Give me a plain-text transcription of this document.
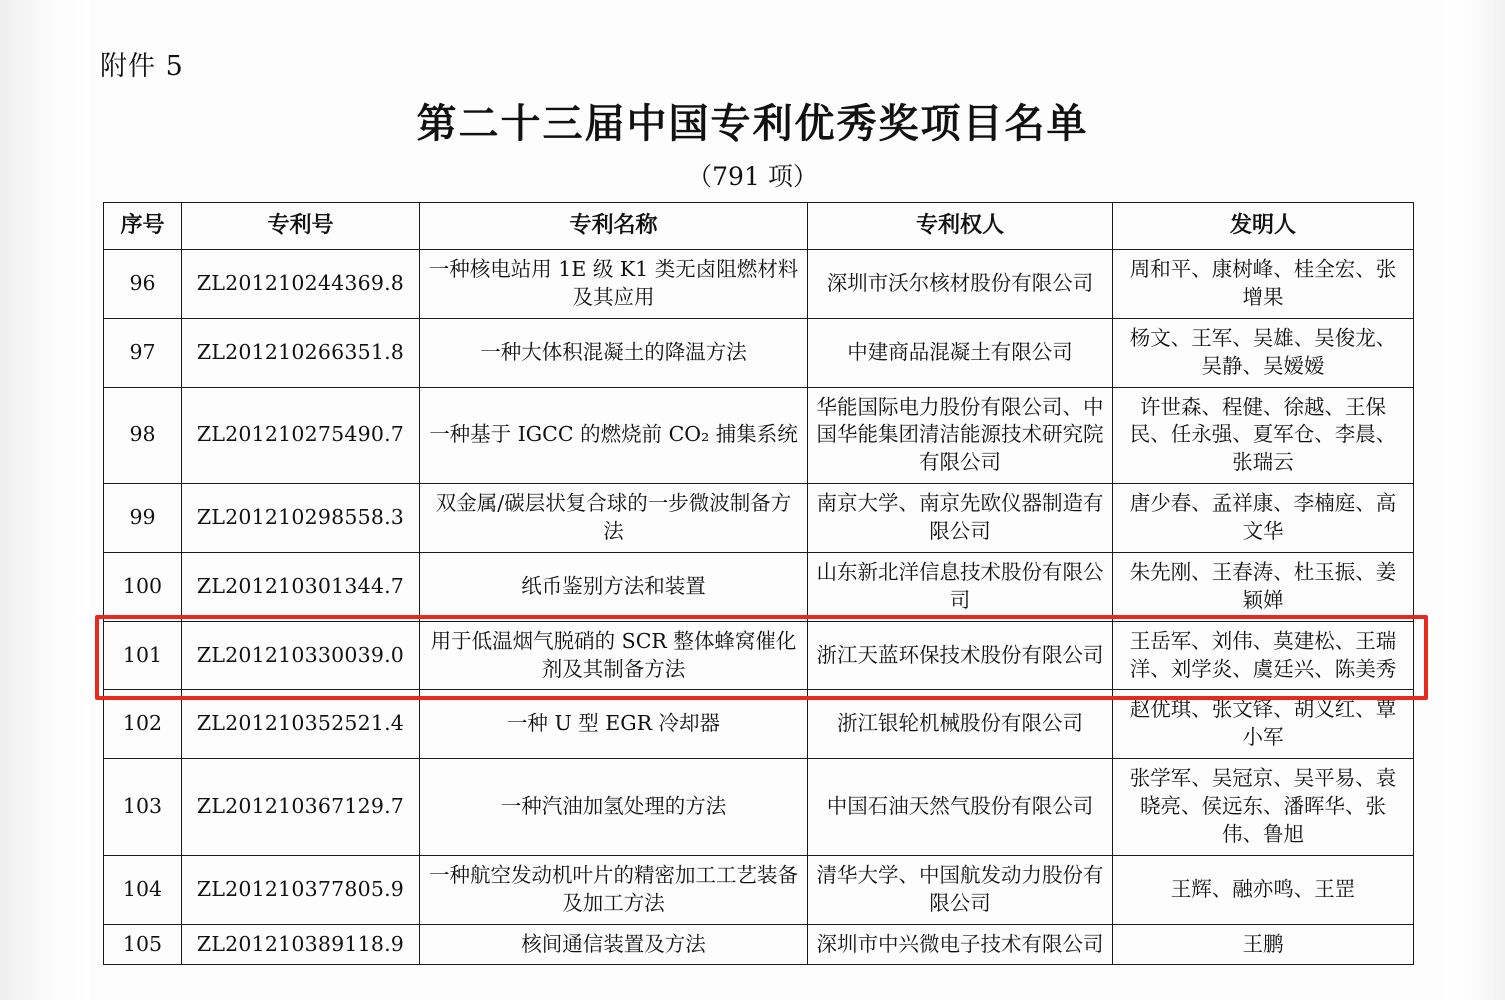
附件 5
第二十三届中国专利优秀奖项目名单
（791 项）
序号	专利号	专利名称	专利权人	发明人
96	ZL201210244369.8	一种核电站用 1E 级 K1 类无卤阻燃材料及其应用	深圳市沃尔核材股份有限公司	周和平、康树峰、桂全宏、张增果
97	ZL201210266351.8	一种大体积混凝土的降温方法	中建商品混凝土有限公司	杨文、王军、吴雄、吴俊龙、吴静、吴嫒嫒
98	ZL201210275490.7	一种基于 IGCC 的燃烧前 CO₂ 捕集系统	华能国际电力股份有限公司、中国华能集团清洁能源技术研究院有限公司	许世森、程健、徐越、王保民、任永强、夏军仓、李晨、张瑞云
99	ZL201210298558.3	双金属/碳层状复合球的一步微波制备方法	南京大学、南京先欧仪器制造有限公司	唐少春、孟祥康、李楠庭、高文华
100	ZL201210301344.7	纸币鉴别方法和装置	山东新北洋信息技术股份有限公司	朱先刚、王春涛、杜玉振、姜颖婵
101	ZL201210330039.0	用于低温烟气脱硝的 SCR 整体蜂窝催化剂及其制备方法	浙江天蓝环保技术股份有限公司	王岳军、刘伟、莫建松、王瑞洋、刘学炎、虞廷兴、陈美秀
102	ZL201210352521.4	一种 U 型 EGR 冷却器	浙江银轮机械股份有限公司	赵优琪、张文铎、胡义红、覃小军
103	ZL201210367129.7	一种汽油加氢处理的方法	中国石油天然气股份有限公司	张学军、吴冠京、吴平易、袁晓亮、侯远东、潘晖华、张伟、鲁旭
104	ZL201210377805.9	一种航空发动机叶片的精密加工工艺装备及加工方法	清华大学、中国航发动力股份有限公司	王辉、融亦鸣、王罡
105	ZL201210389118.9	核间通信装置及方法	深圳市中兴微电子技术有限公司	王鹏
